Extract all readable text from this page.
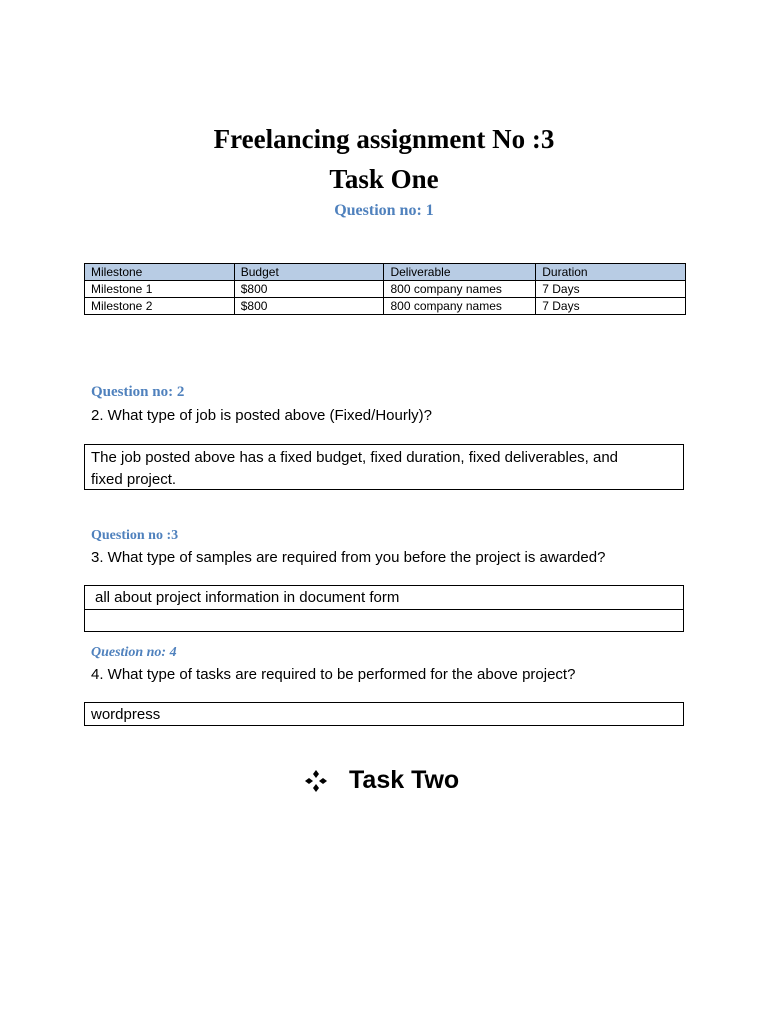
Freelancing assignment No :3
Task One
Question no: 1
Milestone	Budget	Deliverable	Duration
Milestone 1	$800	800 company names	7 Days
Milestone 2	$800	800 company names	7 Days
Question no: 2
2. What type of job is posted above (Fixed/Hourly)?
The job posted above has a fixed budget, fixed duration, fixed deliverables, and
fixed project.
Question no :3
3. What type of samples are required from you before the project is awarded?
all about project information in document form
Question no: 4
4. What type of tasks are required to be performed for the above project?
wordpress
Task Two
